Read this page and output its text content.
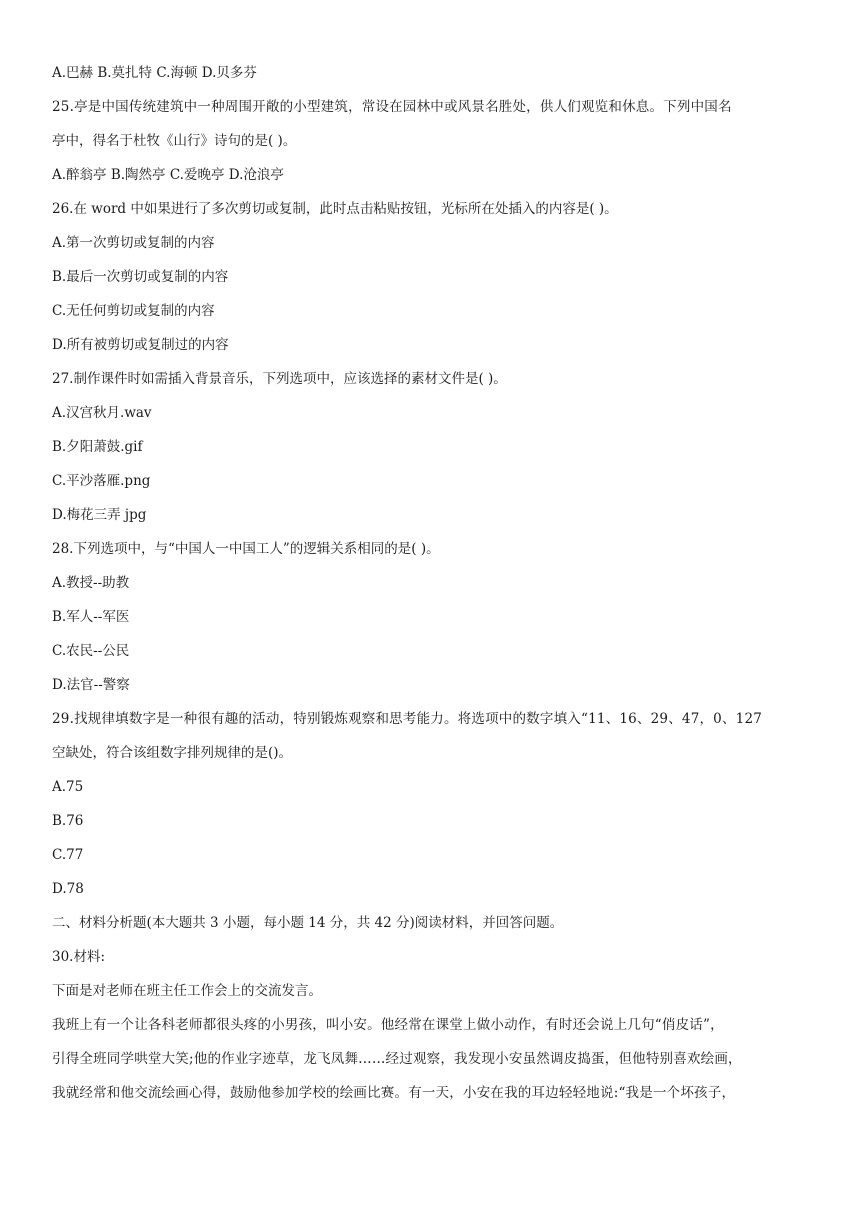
A.巴赫 B.莫扎特 C.海顿 D.贝多芬
25.亭是中国传统建筑中一种周围开敞的小型建筑，常设在园林中或风景名胜处，供人们观览和休息。下列中国名
亭中，得名于杜牧《山行》诗句的是( )。
A.醉翁亭 B.陶然亭 C.爱晚亭 D.沧浪亭
26.在 word 中如果进行了多次剪切或复制，此时点击粘贴按钮，光标所在处插入的内容是( )。
A.第一次剪切或复制的内容
B.最后一次剪切或复制的内容
C.无任何剪切或复制的内容
D.所有被剪切或复制过的内容
27.制作课件时如需插入背景音乐，下列选项中，应该选择的素材文件是( )。
A.汉宫秋月.wav
B.夕阳萧鼓.gif
C.平沙落雁.png
D.梅花三弄 jpg
28.下列选项中，与“中国人一中国工人”的逻辑关系相同的是( )。
A.教授--助教
B.军人--军医
C.农民--公民
D.法官--警察
29.找规律填数字是一种很有趣的活动，特别锻炼观察和思考能力。将选项中的数字填入“11、16、29、47，0、127
空缺处，符合该组数字排列规律的是()。
A.75
B.76
C.77
D.78
二、材料分析题(本大题共 3 小题，每小题 14 分，共 42 分)阅读材料，并回答问题。
30.材料:
下面是对老师在班主任工作会上的交流发言。
我班上有一个让各科老师都很头疼的小男孩，叫小安。他经常在课堂上做小动作，有时还会说上几句“俏皮话”，
引得全班同学哄堂大笑;他的作业字迹草，龙飞凤舞……经过观察，我发现小安虽然调皮捣蛋，但他特别喜欢绘画，
我就经常和他交流绘画心得，鼓励他参加学校的绘画比赛。有一天，小安在我的耳边轻轻地说:“我是一个坏孩子，
